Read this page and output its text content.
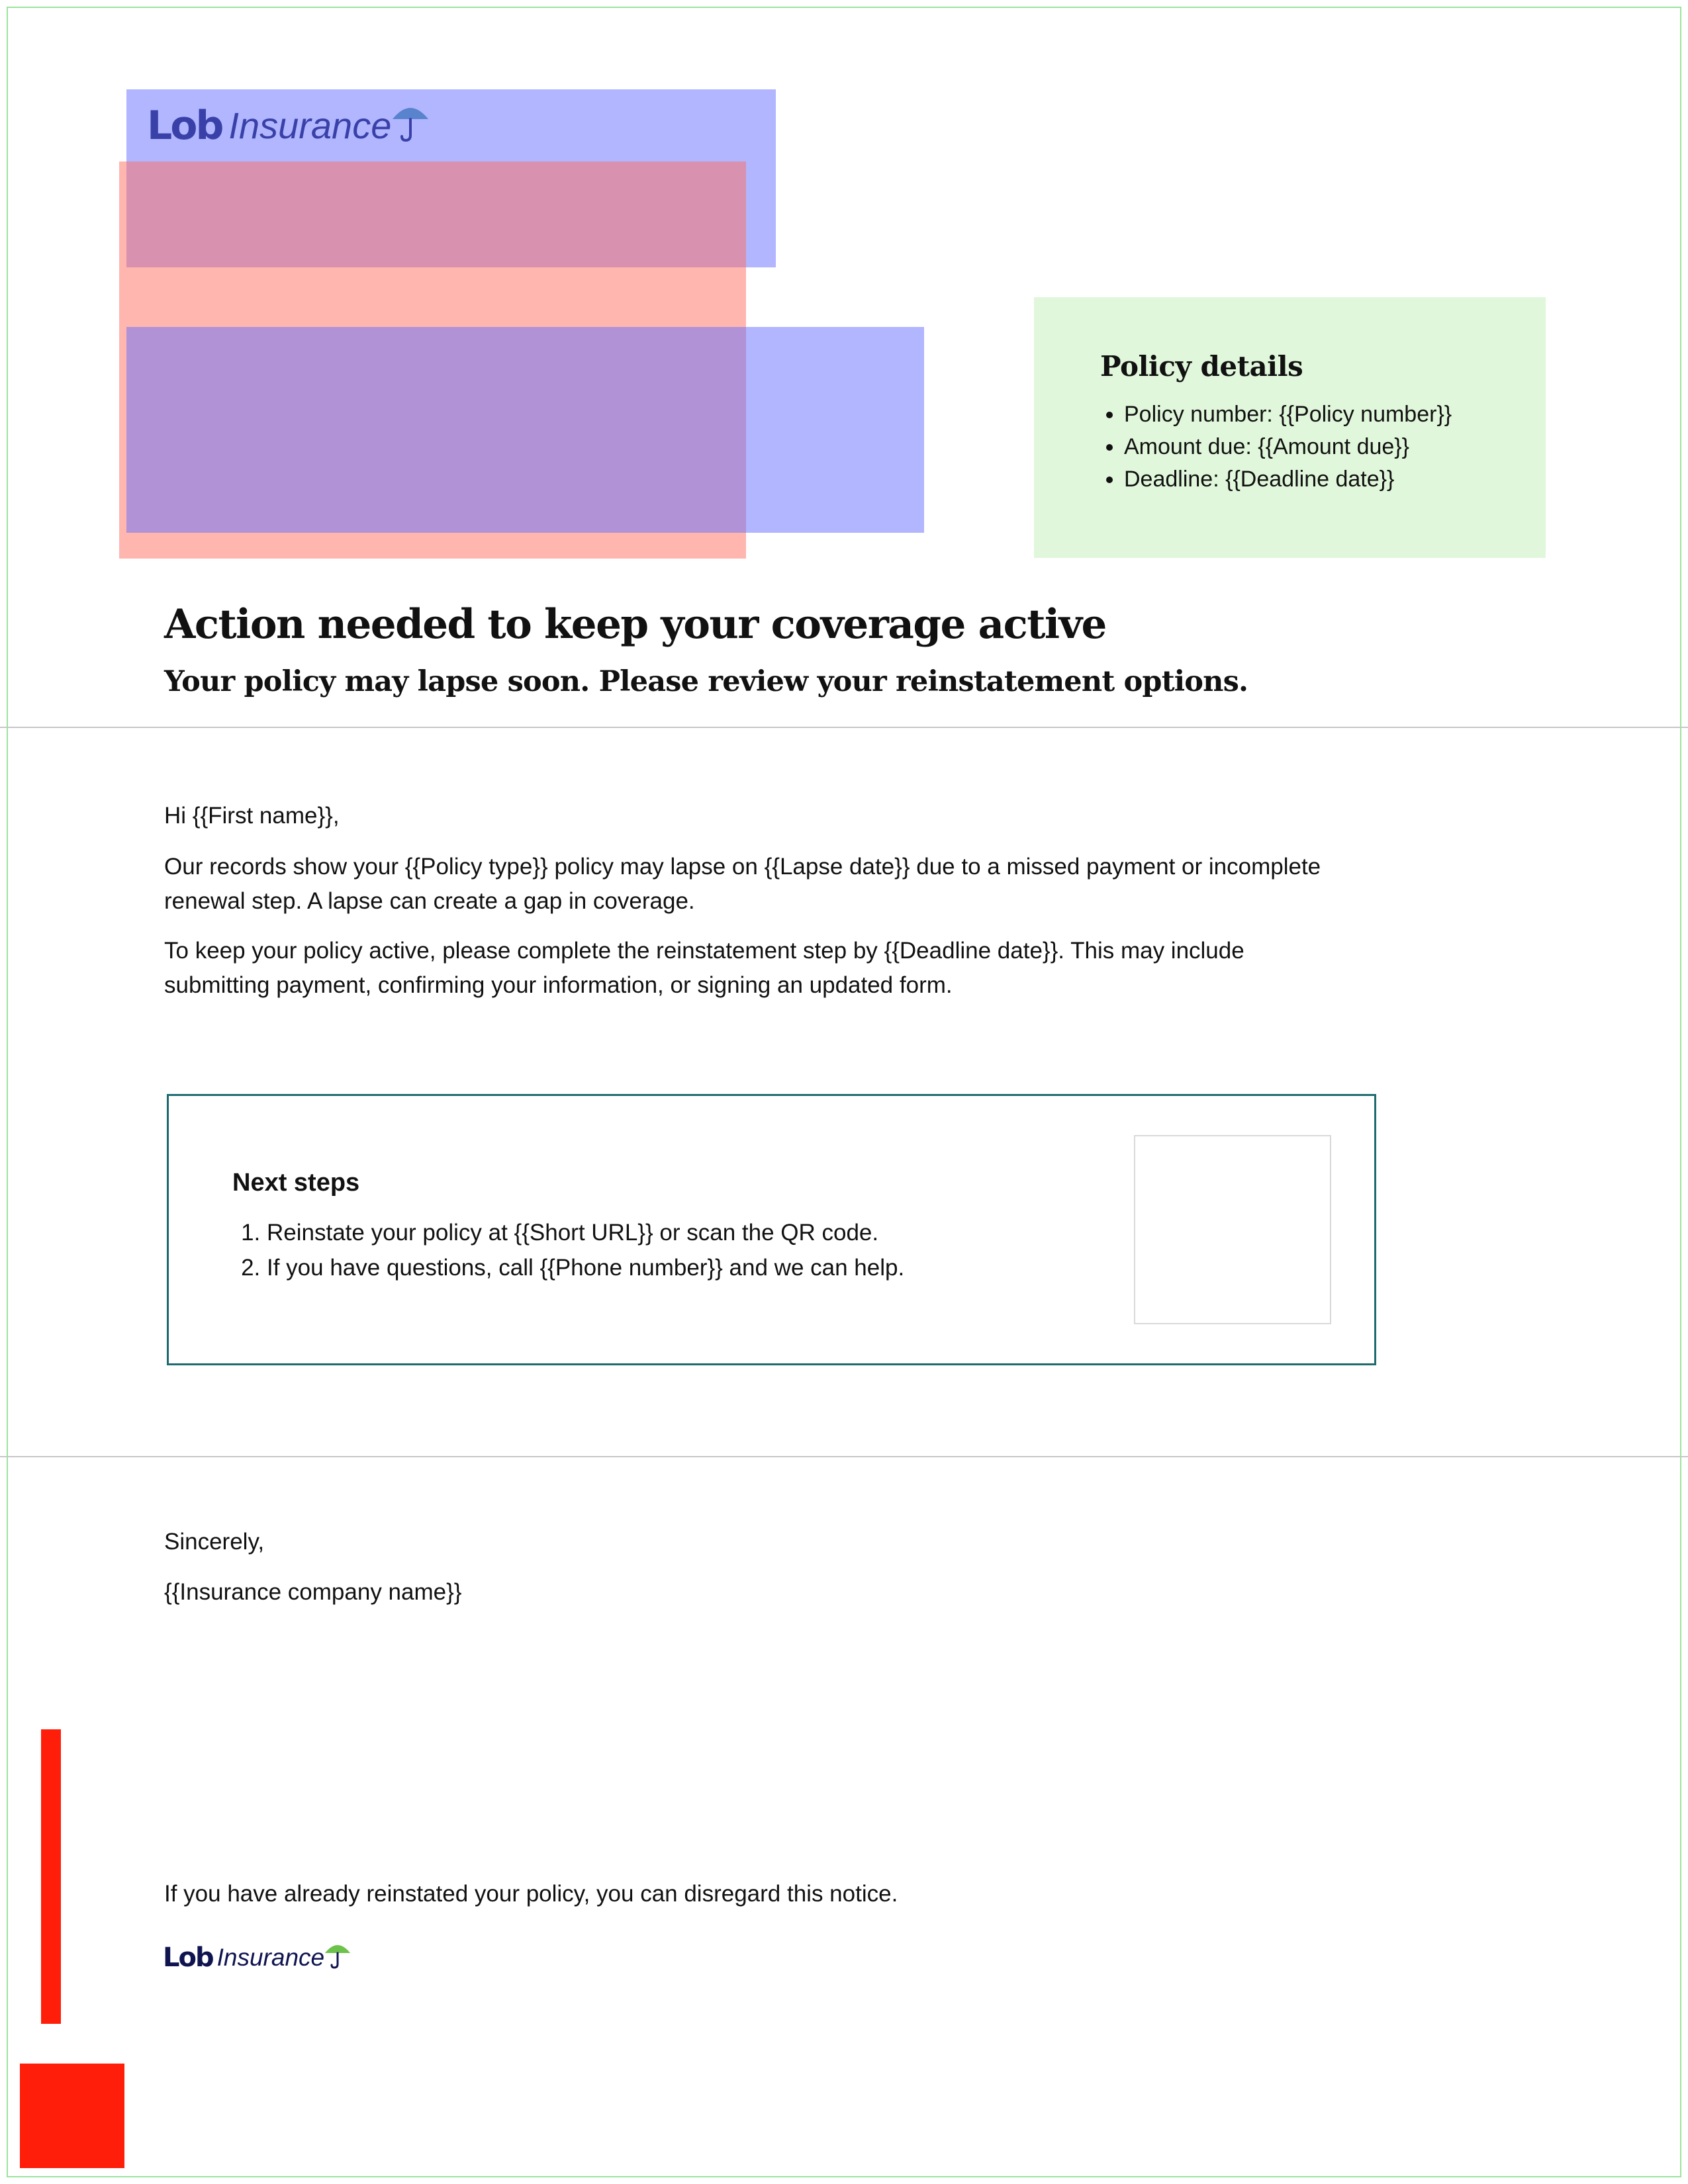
Policy details
• Policy number: {{Policy number}}
• Amount due: {{Amount due}}
• Deadline: {{Deadline date}}
Action needed to keep your coverage active
Your policy may lapse soon. Please review your reinstatement options.

Hi {{First name}},

Our records show your {{Policy type}} policy may lapse on {{Lapse date}} due to a missed payment or incomplete renewal step. A lapse can create a gap in coverage.

To keep your policy active, please complete the reinstatement step by {{Deadline date}}. This may include submitting payment, confirming your information, or signing an updated form.

Next steps
1. Reinstate your policy at {{Short URL}} or scan the QR code.
2. If you have questions, call {{Phone number}} and we can help.
Sincerely,
{{Insurance company name}}
If you have already reinstated your policy, you can disregard this notice.
Lob Insurance
